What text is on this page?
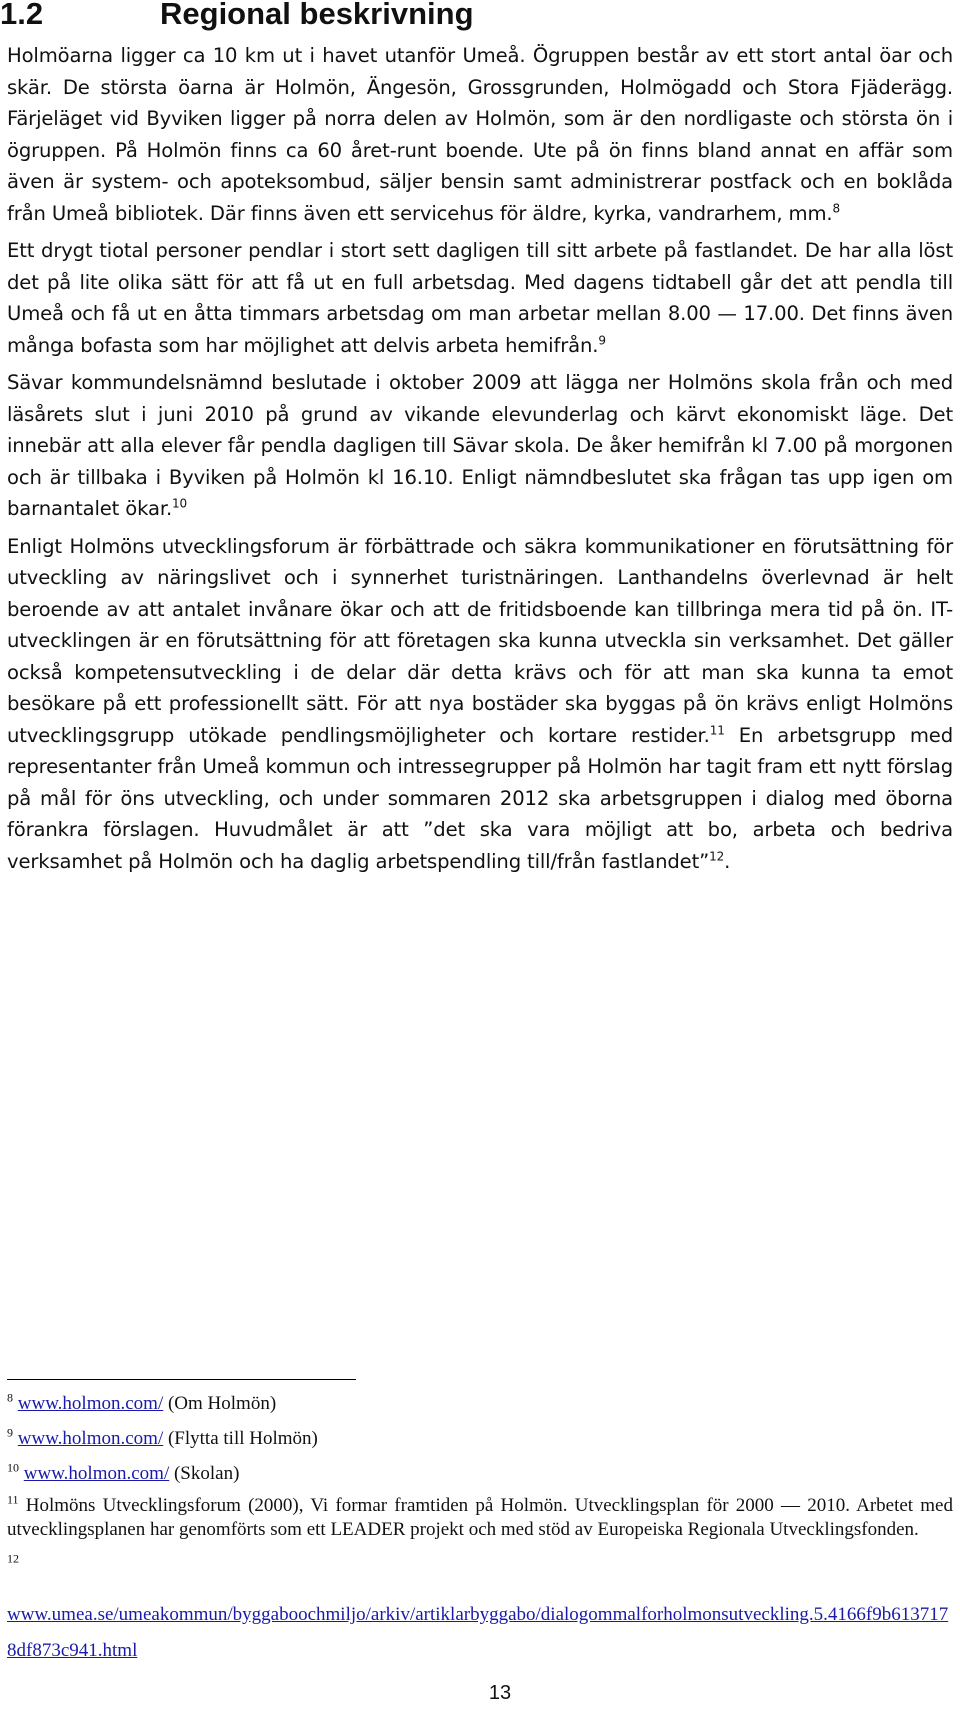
1.2	Regional beskrivning

Holmöarna ligger ca 10 km ut i havet utanför Umeå. Ögruppen består av ett stort antal öar och skär. De största öarna är Holmön, Ängesön, Grossgrunden, Holmögadd och Stora Fjäderägg. Färjeläget vid Byviken ligger på norra delen av Holmön, som är den nordligaste och största ön i ögruppen. På Holmön finns ca 60 året-runt boende. Ute på ön finns bland annat en affär som även är system- och apoteksombud, säljer bensin samt administrerar postfack och en boklåda från Umeå bibliotek. Där finns även ett servicehus för äldre, kyrka, vandrarhem, mm.$^8$

Ett drygt tiotal personer pendlar i stort sett dagligen till sitt arbete på fastlandet. De har alla löst det på lite olika sätt för att få ut en full arbetsdag. Med dagens tidtabell går det att pendla till Umeå och få ut en åtta timmars arbetsdag om man arbetar mellan 8.00 — 17.00. Det finns även många bofasta som har möjlighet att delvis arbeta hemifrån.$^9$

Sävar kommundelsnämnd beslutade i oktober 2009 att lägga ner Holmöns skola från och med läsårets slut i juni 2010 på grund av vikande elevunderlag och kärvt ekonomiskt läge. Det innebär att alla elever får pendla dagligen till Sävar skola. De åker hemifrån kl 7.00 på morgonen och är tillbaka i Byviken på Holmön kl 16.10. Enligt nämndbeslutet ska frågan tas upp igen om barnantalet ökar.$^{10}$

Enligt Holmöns utvecklingsforum är förbättrade och säkra kommunikationer en förutsättning för utveckling av näringslivet och i synnerhet turistnäringen. Lanthandelns överlevnad är helt beroende av att antalet invånare ökar och att de fritidsboende kan tillbringa mera tid på ön. IT-utvecklingen är en förutsättning för att företagen ska kunna utveckla sin verksamhet. Det gäller också kompetensutveckling i de delar där detta krävs och för att man ska kunna ta emot besökare på ett professionellt sätt. För att nya bostäder ska byggas på ön krävs enligt Holmöns utvecklingsgrupp utökade pendlingsmöjligheter och kortare restider.$^{11}$ En arbetsgrupp med representanter från Umeå kommun och intressegrupper på Holmön har tagit fram ett nytt förslag på mål för öns utveckling, och under sommaren 2012 ska arbetsgruppen i dialog med öborna förankra förslagen. Huvudmålet är att ”det ska vara möjligt att bo, arbeta och bedriva verksamhet på Holmön och ha daglig arbetspendling till/från fastlandet”$^{12}$.

$^8$ www.holmon.com/ (Om Holmön)
$^9$ www.holmon.com/ (Flytta till Holmön)
$^{10}$ www.holmon.com/ (Skolan)
$^{11}$ Holmöns Utvecklingsforum (2000), Vi formar framtiden på Holmön. Utvecklingsplan för 2000 — 2010. Arbetet med utvecklingsplanen har genomförts som ett LEADER projekt och med stöd av Europeiska Regionala Utvecklingsfonden.
$^{12}$
www.umea.se/umeakommun/byggaboochmiljo/arkiv/artiklarbyggabo/dialogommalforholmonsutveckling.5.4166f9b6137178df873c941.html
13
